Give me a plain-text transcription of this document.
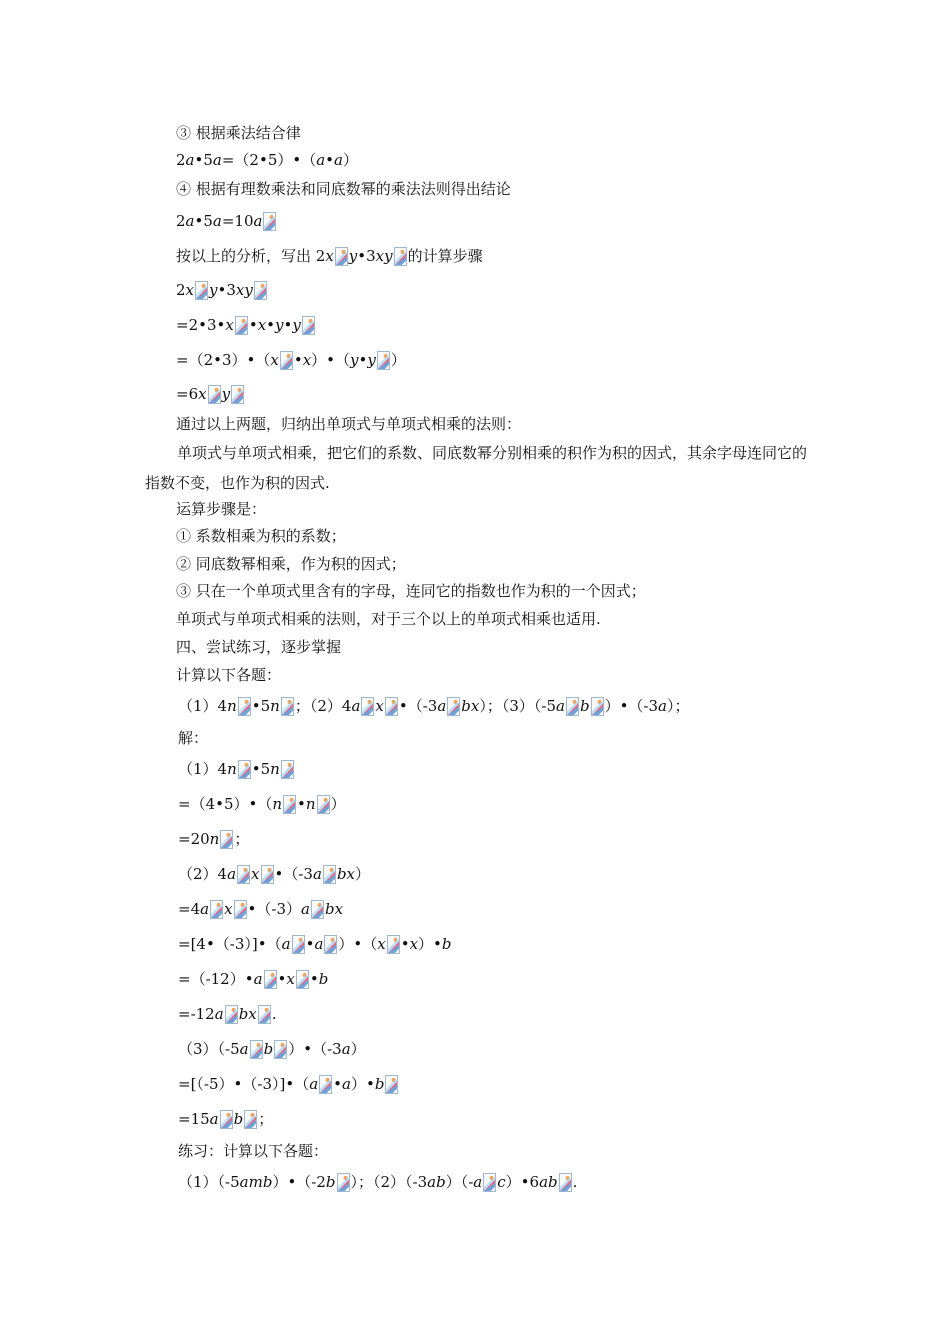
③ 根据乘法结合律
2 a •5 a =（2•5）•（ a • a ）
④ 根据有理数乘法和同底数幂的乘法法则得出结论
2 a •5 a =10 a
按以上的分析，写出 2 x y •3 xy 的计算步骤
2 x y •3 xy
=2•3• x • x • y • y
=（2•3）•（ x • x ）•（ y • y ）
=6 x y
通过以上两题，归纳出单项式与单项式相乘的法则：
单项式与单项式相乘，把它们的系数、同底数幂分别相乘的积作为积的因式，其余字母连同它的指数不变，也作为积的因式.
运算步骤是：
① 系数相乘为积的系数；
② 同底数幂相乘，作为积的因式；
③ 只在一个单项式里含有的字母，连同它的指数也作为积的一个因式；
单项式与单项式相乘的法则，对于三个以上的单项式相乘也适用.
四、尝试练习，逐步掌握
计算以下各题：
（1）4 n •5 n ；（2）4 a x •（-3 a bx ）；（3）（-5 a b ）•（-3 a ）；
解：
（1）4 n •5 n
=（4•5）•（ n • n ）
=20 n ；
（2）4 a x •（-3 a bx ）
=4 a x •（-3） a bx
=[4•（-3）]•（ a • a ）•（ x • x ）• b
=（-12）• a • x • b
=-12 a bx .
（3）（-5 a b ）•（-3 a ）
=[（-5）•（-3）]•（ a • a ）• b
=15 a b ；
练习：计算以下各题：
（1）（-5 amb ）•（-2 b ）；（2）（-3 ab ）（- a c ）•6 ab .
